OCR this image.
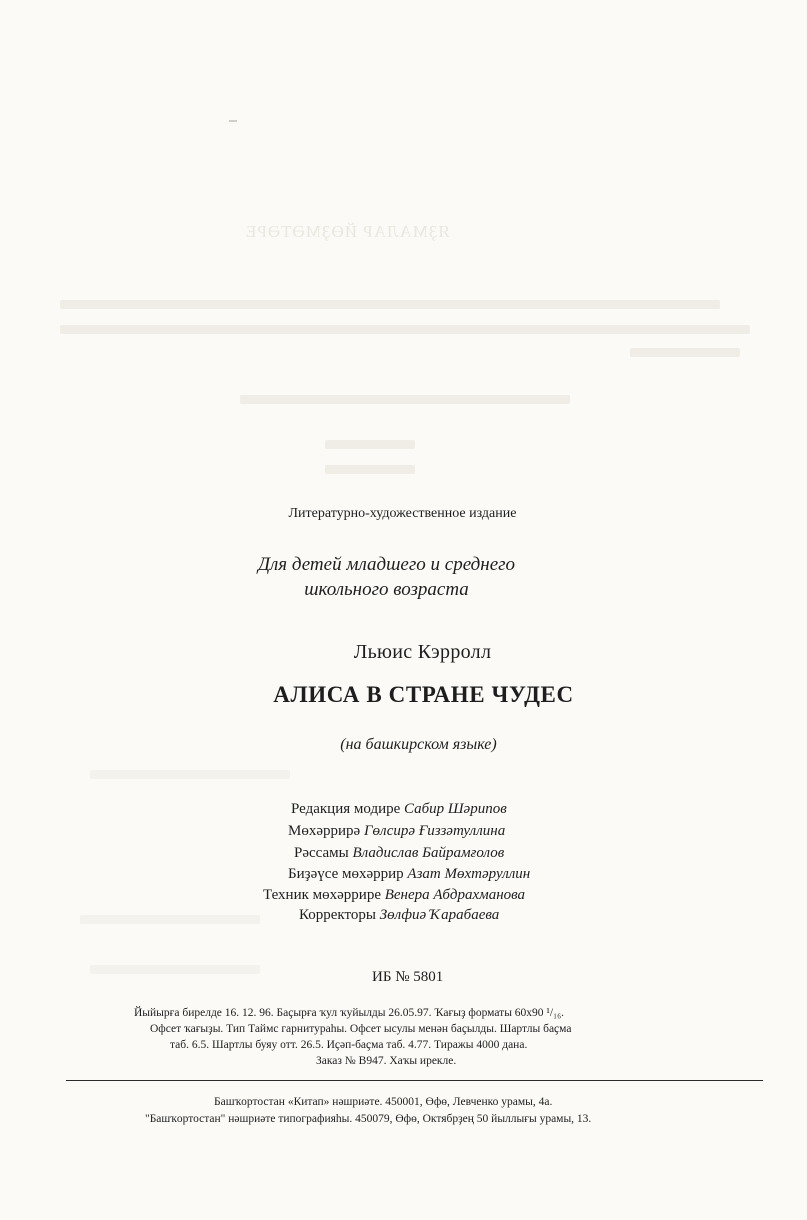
ЯҘМАЛАР ЙӨҘМӘТӘРЕ
Литературно-художественное издание
Для детей младшего и среднего
школьного возраста
Льюис Кэрролл
АЛИСА В СТРАНЕ ЧУДЕС
(на башкирском языке)
Редакция модире Сабир Шәрипов
Мөхәррирә Гөлсирә Ғиззәтуллина
Рәссамы Владислав Байрамғолов
Биҙәүсе мөхәррир Азат Мөхтәруллин
Техник мөхәррире Венера Абдрахманова
Корректоры Зөлфиә Ҡарабаева
ИБ № 5801
Йыйырға бирелде 16. 12. 96. Баҫырға ҡул ҡуйылды 26.05.97. Ҡағыҙ форматы 60х90 ¹/₁₆.
Офсет ҡағыҙы. Тип Таймс гарнитураһы. Офсет ысулы менән баҫылды. Шартлы баҫма
таб. 6.5. Шартлы буяу отт. 26.5. Иҫәп-баҫма таб. 4.77. Тиражы 4000 дана.
Заказ № В947. Хаҡы ирекле.
Башҡортостан «Китап» нәшриәте. 450001, Өфө, Левченко урамы, 4а.
"Башҡортостан" нәшриәте типографияһы. 450079, Өфө, Октябрҙең 50 йыллығы урамы, 13.
